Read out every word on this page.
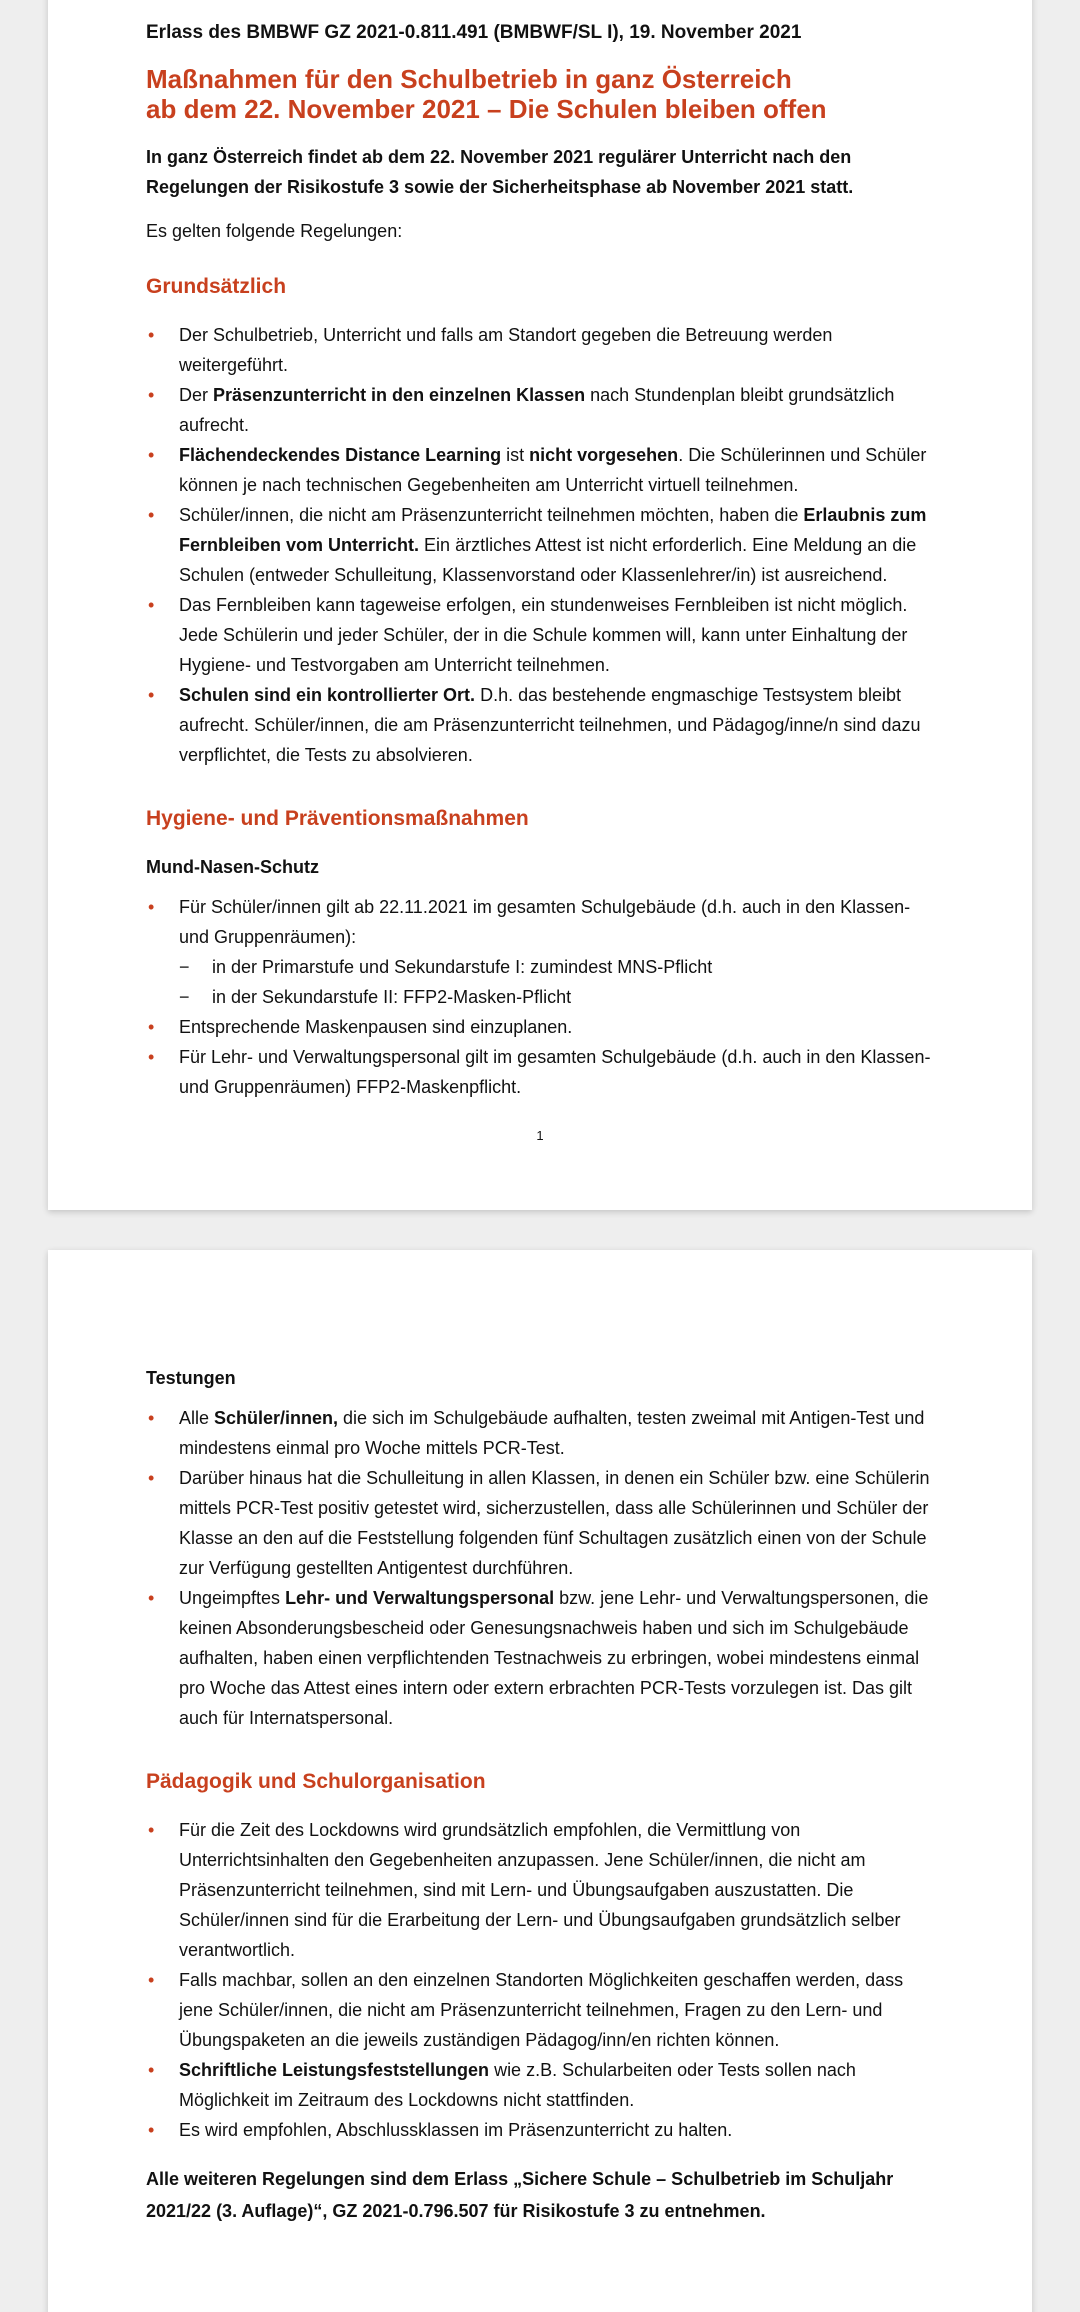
Erlass des BMBWF GZ 2021-0.811.491 (BMBWF/SL I), 19. November 2021
Maßnahmen für den Schulbetrieb in ganz Österreich
ab dem 22. November 2021 – Die Schulen bleiben offen
In ganz Österreich findet ab dem 22. November 2021 regulärer Unterricht nach den Regelungen der Risikostufe 3 sowie der Sicherheitsphase ab November 2021 statt.
Es gelten folgende Regelungen:
Grundsätzlich
• Der Schulbetrieb, Unterricht und falls am Standort gegeben die Betreuung werden weitergeführt.
• Der Präsenzunterricht in den einzelnen Klassen nach Stundenplan bleibt grundsätzlich aufrecht.
• Flächendeckendes Distance Learning ist nicht vorgesehen. Die Schülerinnen und Schüler können je nach technischen Gegebenheiten am Unterricht virtuell teilnehmen.
• Schüler/innen, die nicht am Präsenzunterricht teilnehmen möchten, haben die Erlaubnis zum Fernbleiben vom Unterricht. Ein ärztliches Attest ist nicht erforderlich. Eine Meldung an die Schulen (entweder Schulleitung, Klassenvorstand oder Klassenlehrer/in) ist ausreichend.
• Das Fernbleiben kann tageweise erfolgen, ein stundenweises Fernbleiben ist nicht möglich. Jede Schülerin und jeder Schüler, der in die Schule kommen will, kann unter Einhaltung der Hygiene- und Testvorgaben am Unterricht teilnehmen.
• Schulen sind ein kontrollierter Ort. D.h. das bestehende engmaschige Testsystem bleibt aufrecht. Schüler/innen, die am Präsenzunterricht teilnehmen, und Pädagog/inne/n sind dazu verpflichtet, die Tests zu absolvieren.
Hygiene- und Präventionsmaßnahmen
Mund-Nasen-Schutz
• Für Schüler/innen gilt ab 22.11.2021 im gesamten Schulgebäude (d.h. auch in den Klassen- und Gruppenräumen):
− in der Primarstufe und Sekundarstufe I: zumindest MNS-Pflicht
− in der Sekundarstufe II: FFP2-Masken-Pflicht
• Entsprechende Maskenpausen sind einzuplanen.
• Für Lehr- und Verwaltungspersonal gilt im gesamten Schulgebäude (d.h. auch in den Klassen- und Gruppenräumen) FFP2-Maskenpflicht.
1
Testungen
• Alle Schüler/innen, die sich im Schulgebäude aufhalten, testen zweimal mit Antigen-Test und mindestens einmal pro Woche mittels PCR-Test.
• Darüber hinaus hat die Schulleitung in allen Klassen, in denen ein Schüler bzw. eine Schülerin mittels PCR-Test positiv getestet wird, sicherzustellen, dass alle Schülerinnen und Schüler der Klasse an den auf die Feststellung folgenden fünf Schultagen zusätzlich einen von der Schule zur Verfügung gestellten Antigentest durchführen.
• Ungeimpftes Lehr- und Verwaltungspersonal bzw. jene Lehr- und Verwaltungspersonen, die keinen Absonderungsbescheid oder Genesungsnachweis haben und sich im Schulgebäude aufhalten, haben einen verpflichtenden Testnachweis zu erbringen, wobei mindestens einmal pro Woche das Attest eines intern oder extern erbrachten PCR-Tests vorzulegen ist. Das gilt auch für Internatspersonal.
Pädagogik und Schulorganisation
• Für die Zeit des Lockdowns wird grundsätzlich empfohlen, die Vermittlung von Unterrichtsinhalten den Gegebenheiten anzupassen. Jene Schüler/innen, die nicht am Präsenzunterricht teilnehmen, sind mit Lern- und Übungsaufgaben auszustatten. Die Schüler/innen sind für die Erarbeitung der Lern- und Übungsaufgaben grundsätzlich selber verantwortlich.
• Falls machbar, sollen an den einzelnen Standorten Möglichkeiten geschaffen werden, dass jene Schüler/innen, die nicht am Präsenzunterricht teilnehmen, Fragen zu den Lern- und Übungspaketen an die jeweils zuständigen Pädagog/inn/en richten können.
• Schriftliche Leistungsfeststellungen wie z.B. Schularbeiten oder Tests sollen nach Möglichkeit im Zeitraum des Lockdowns nicht stattfinden.
• Es wird empfohlen, Abschlussklassen im Präsenzunterricht zu halten.
Alle weiteren Regelungen sind dem Erlass „Sichere Schule – Schulbetrieb im Schuljahr 2021/22 (3. Auflage)“, GZ 2021-0.796.507 für Risikostufe 3 zu entnehmen.
